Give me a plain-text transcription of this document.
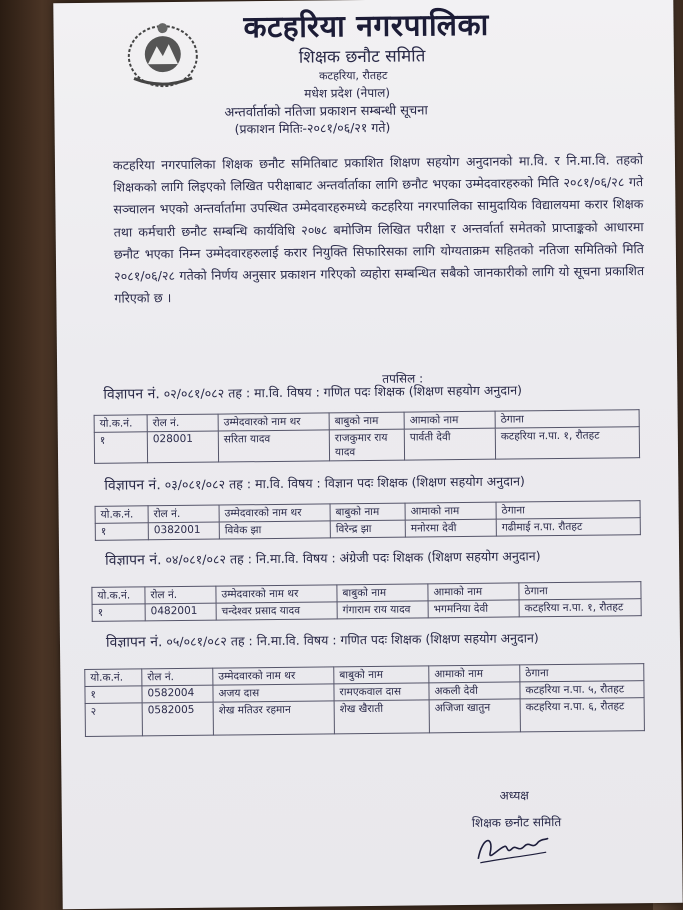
कटहरिया नगरपालिका
शिक्षक छनौट समिति
कटहरिया, रौतहट
मधेश प्रदेश (नेपाल)
अन्तर्वार्ताको नतिजा प्रकाशन सम्बन्धी सूचना
(प्रकाशन मितिः-२०८१/०६/२१ गते)
कटहरिया नगरपालिका शिक्षक छनौट समितिबाट प्रकाशित शिक्षण सहयोग अनुदानको मा.वि. र नि.मा.वि. तहको शिक्षकको लागि लिइएको लिखित परीक्षाबाट अन्तर्वार्ताका लागि छनौट भएका उम्मेदवारहरुको मिति २०८१/०६/२८ गते सञ्चालन भएको अन्तर्वार्तामा उपस्थित उम्मेदवारहरुमध्ये कटहरिया नगरपालिका सामुदायिक विद्यालयमा करार शिक्षक तथा कर्मचारी छनौट सम्बन्धि कार्यविधि २०७८ बमोजिम लिखित परीक्षा र अन्तर्वार्ता समेतको प्राप्ताङ्कको आधारमा छनौट भएका निम्न उम्मेदवारहरुलाई करार नियुक्ति सिफारिसका लागि योग्यताक्रम सहितको नतिजा समितिको मिति २०८१/०६/२८ गतेको निर्णय अनुसार प्रकाशन गरिएको व्यहोरा सम्बन्धित सबैको जानकारीको लागि यो सूचना प्रकाशित गरिएको छ ।
तपसिल :
विज्ञापन नं. ०२/०८१/०८२ तह : मा.वि. विषय : गणित पदः शिक्षक (शिक्षण सहयोग अनुदान)
यो.क.नं.	रोल नं.	उम्मेदवारको नाम थर	बाबुको नाम	आमाको नाम	ठेगाना
१	028001	सरिता यादव	राजकुमार राय यादव	पार्वती देवी	कटहरिया न.पा. १, रौतहट
विज्ञापन नं. ०३/०८१/०८२ तह : मा.वि. विषय : विज्ञान पदः शिक्षक (शिक्षण सहयोग अनुदान)
यो.क.नं.	रोल नं.	उम्मेदवारको नाम थर	बाबुको नाम	आमाको नाम	ठेगाना
१	0382001	विवेक झा	विरेन्द्र झा	मनोरमा देवी	गढीमाई न.पा. रौतहट
विज्ञापन नं. ०४/०८१/०८२ तह : नि.मा.वि. विषय : अंग्रेजी पदः शिक्षक (शिक्षण सहयोग अनुदान)
यो.क.नं.	रोल नं.	उम्मेदवारको नाम थर	बाबुको नाम	आमाको नाम	ठेगाना
१	0482001	चन्देश्वर प्रसाद यादव	गंगाराम राय यादव	भगमनिया देवी	कटहरिया न.पा. १, रौतहट
विज्ञापन नं. ०५/०८१/०८२ तह : नि.मा.वि. विषय : गणित पदः शिक्षक (शिक्षण सहयोग अनुदान)
यो.क.नं.	रोल नं.	उम्मेदवारको नाम थर	बाबुको नाम	आमाको नाम	ठेगाना
१	0582004	अजय दास	रामएकवाल दास	अकली देवी	कटहरिया न.पा. ५, रौतहट
२	0582005	शेख मतिउर रहमान	शेख खैराती	अजिजा खातुन	कटहरिया न.पा. ६, रौतहट
अध्यक्ष
शिक्षक छनौट समिति
